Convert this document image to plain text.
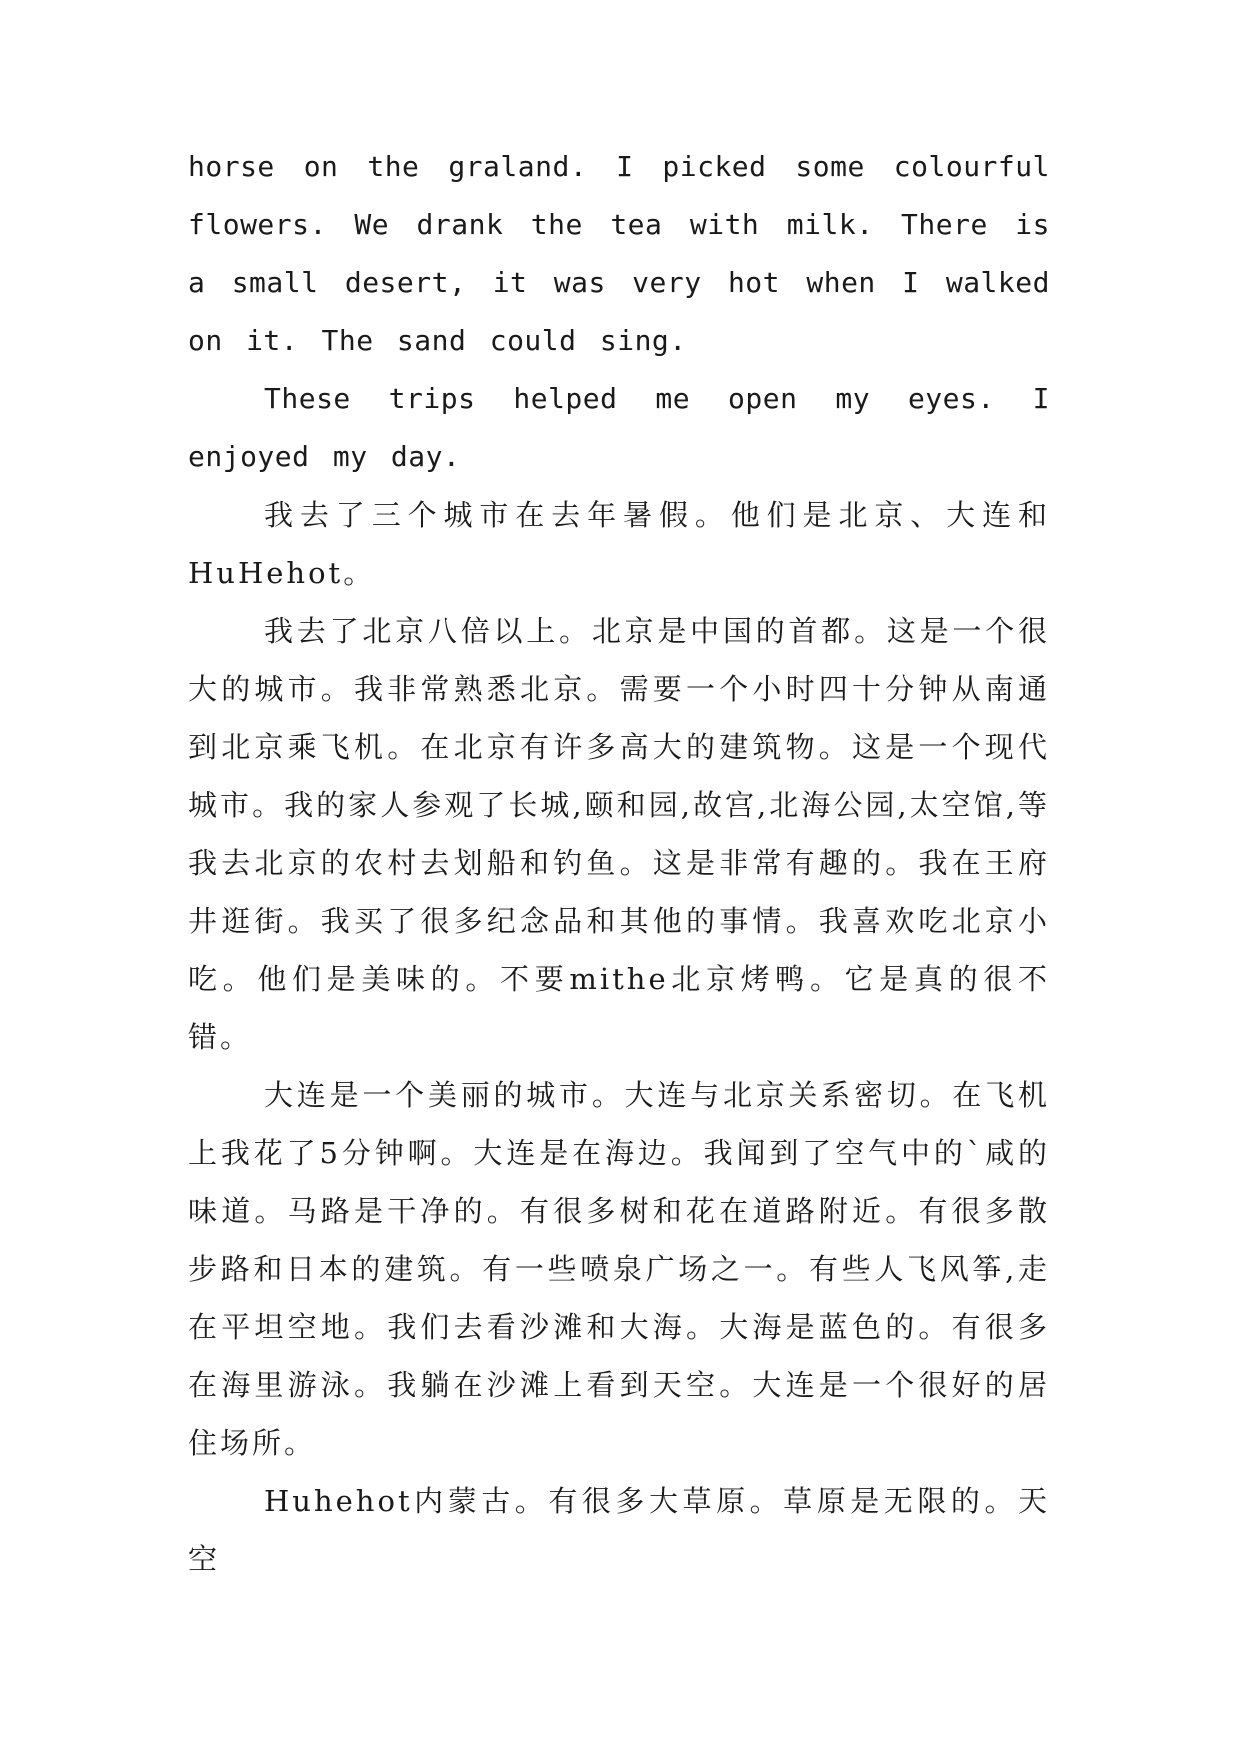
horse on the graland. I picked some colourful flowers. We drank the tea with milk. There is a small desert, it was very hot when I walked on it. The sand could sing.

These trips helped me open my eyes. I enjoyed my day.

我去了三个城市在去年暑假。他们是北京、大连和HuHehot。

我去了北京八倍以上。北京是中国的首都。这是一个很大的城市。我非常熟悉北京。需要一个小时四十分钟从南通到北京乘飞机。在北京有许多高大的建筑物。这是一个现代城市。我的家人参观了长城,颐和园,故宫,北海公园,太空馆,等我去北京的农村去划船和钓鱼。这是非常有趣的。我在王府井逛街。我买了很多纪念品和其他的事情。我喜欢吃北京小吃。他们是美味的。不要mithe北京烤鸭。它是真的很不错。

大连是一个美丽的城市。大连与北京关系密切。在飞机上我花了5分钟啊。大连是在海边。我闻到了空气中的`咸的味道。马路是干净的。有很多树和花在道路附近。有很多散步路和日本的建筑。有一些喷泉广场之一。有些人飞风筝,走在平坦空地。我们去看沙滩和大海。大海是蓝色的。有很多在海里游泳。我躺在沙滩上看到天空。大连是一个很好的居住场所。

Huhehot内蒙古。有很多大草原。草原是无限的。天空
